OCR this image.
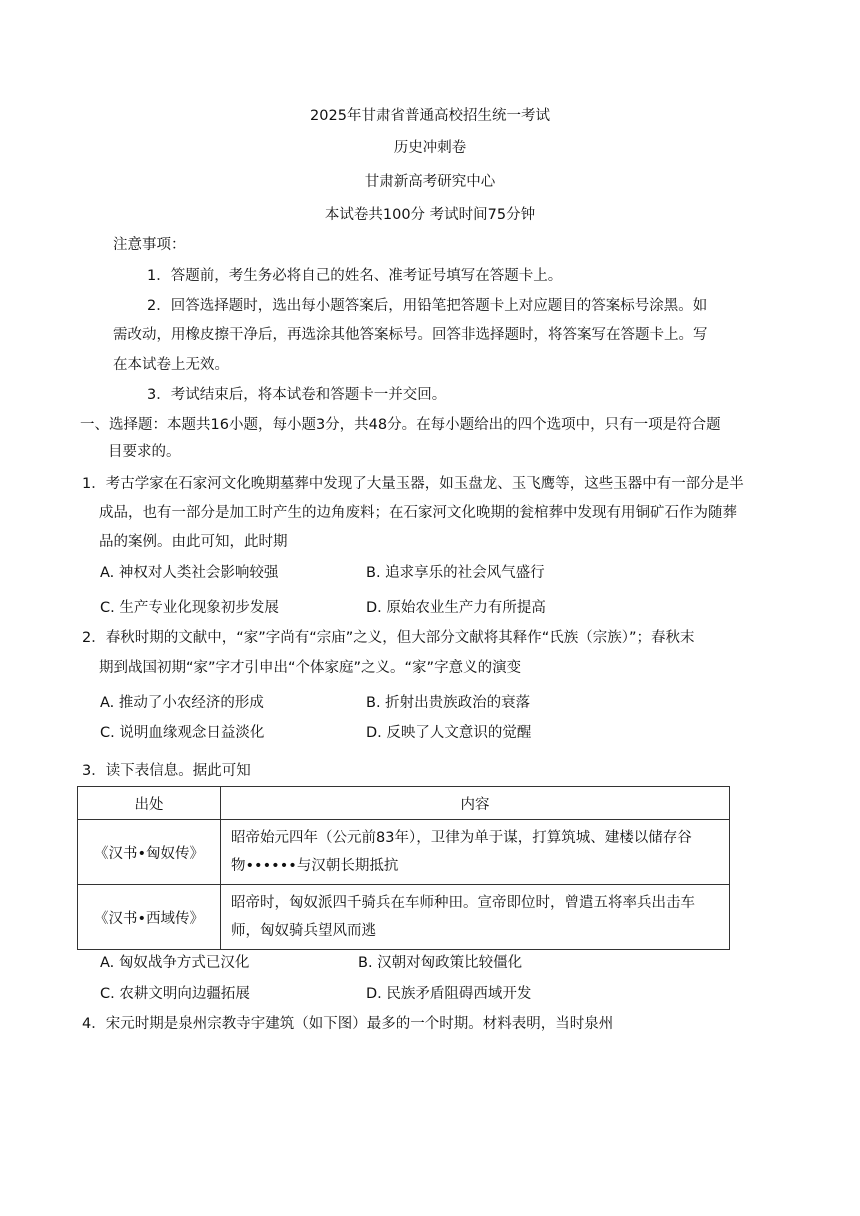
2025年甘肃省普通高校招生统一考试
历史冲刺卷
甘肃新高考研究中心
本试卷共100分 考试时间75分钟
注意事项：
1．答题前，考生务必将自己的姓名、准考证号填写在答题卡上。
2．回答选择题时，选出每小题答案后，用铅笔把答题卡上对应题目的答案标号涂黑。如
需改动，用橡皮擦干净后，再选涂其他答案标号。回答非选择题时，将答案写在答题卡上。写
在本试卷上无效。
3．考试结束后，将本试卷和答题卡一并交回。
一、选择题：本题共16小题，每小题3分，共48分。在每小题给出的四个选项中，只有一项是符合题
目要求的。
1．考古学家在石家河文化晚期墓葬中发现了大量玉器，如玉盘龙、玉飞鹰等，这些玉器中有一部分是半
成品，也有一部分是加工时产生的边角废料；在石家河文化晚期的瓮棺葬中发现有用铜矿石作为随葬
品的案例。由此可知，此时期
A. 神权对人类社会影响较强	B. 追求享乐的社会风气盛行
C. 生产专业化现象初步发展	D. 原始农业生产力有所提高
2．春秋时期的文献中，“家”字尚有“宗庙”之义，但大部分文献将其释作“氏族（宗族）”；春秋末
期到战国初期“家”字才引申出“个体家庭”之义。“家”字意义的演变
A. 推动了小农经济的形成	B. 折射出贵族政治的衰落
C. 说明血缘观念日益淡化	D. 反映了人文意识的觉醒
3．读下表信息。据此可知
出处	内容
《汉书•匈奴传》	昭帝始元四年（公元前83年），卫律为单于谋，打算筑城、建楼以储存谷
物••••••与汉朝长期抵抗

《汉书•西域传》	昭帝时，匈奴派四千骑兵在车师种田。宣帝即位时，曾遣五将率兵出击车
师，匈奴骑兵望风而逃
A. 匈奴战争方式已汉化	B. 汉朝对匈政策比较僵化
C. 农耕文明向边疆拓展	D. 民族矛盾阻碍西域开发
4．宋元时期是泉州宗教寺宇建筑（如下图）最多的一个时期。材料表明，当时泉州
